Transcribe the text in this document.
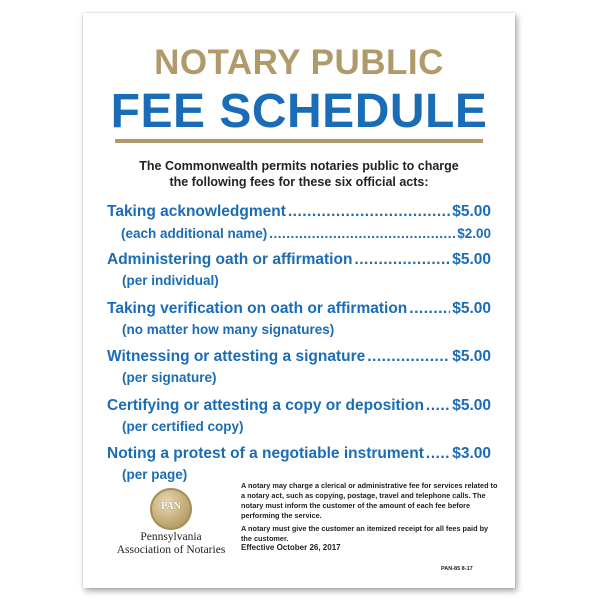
NOTARY PUBLIC
FEE SCHEDULE
The Commonwealth permits notaries public to charge
the following fees for these six official acts:
Taking acknowledgment .....	$5.00
(each additional name) .....	$2.00
Administering oath or affirmation .....	$5.00
(per individual)
Taking verification on oath or affirmation .....	$5.00
(no matter how many signatures)
Witnessing or attesting a signature .....	$5.00
(per signature)
Certifying or attesting a copy or deposition ..... $5.00
(per certified copy)
Noting a protest of a negotiable instrument ..... $3.00
(per page)
PAN
Pennsylvania
Association of Notaries

A notary may charge a clerical or administrative fee for services related to a notary act, such as copying, postage, travel and telephone calls. The notary must inform the customer of the amount of each fee before performing the service.

A notary must give the customer an itemized receipt for all fees paid by the customer.

Effective October 26, 2017
PAN-85 8-17
